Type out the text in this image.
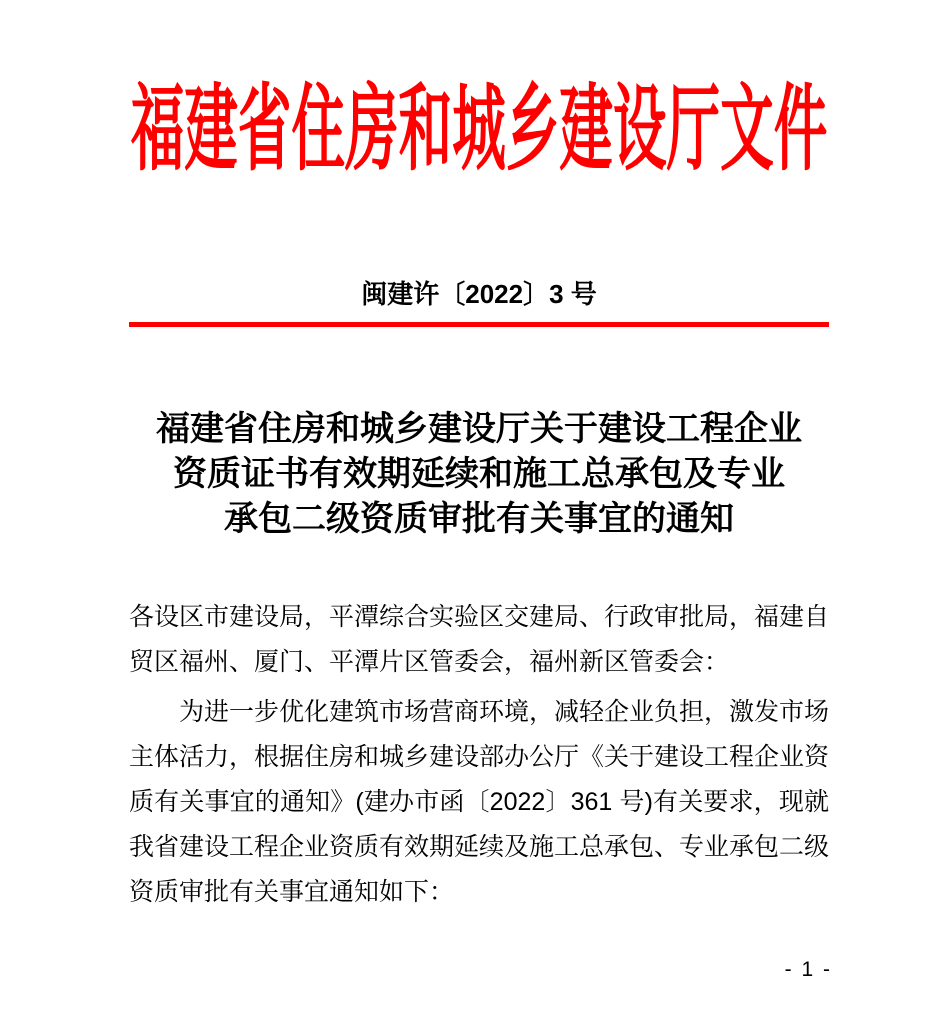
福建省住房和城乡建设厅文件
闽建许〔2022〕3 号
福建省住房和城乡建设厅关于建设工程企业
资质证书有效期延续和施工总承包及专业
承包二级资质审批有关事宜的通知
各设区市建设局，平潭综合实验区交建局、行政审批局，福建自贸区福州、厦门、平潭片区管委会，福州新区管委会：
为进一步优化建筑市场营商环境，减轻企业负担，激发市场主体活力，根据住房和城乡建设部办公厅《关于建设工程企业资质有关事宜的通知》(建办市函〔2022〕361 号)有关要求，现就我省建设工程企业资质有效期延续及施工总承包、专业承包二级资质审批有关事宜通知如下：
- 1 -
